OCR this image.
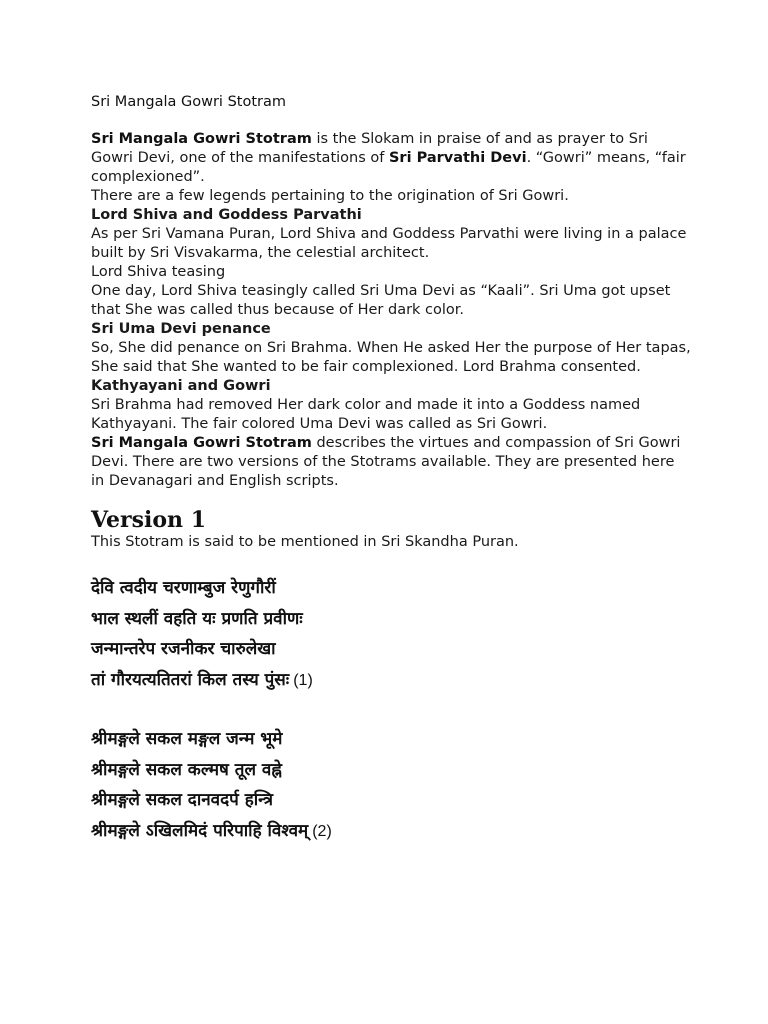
Sri Mangala Gowri Stotram

Sri Mangala Gowri Stotram is the Slokam in praise of and as prayer to Sri Gowri Devi, one of the manifestations of Sri Parvathi Devi. “Gowri” means, “fair complexioned”.

There are a few legends pertaining to the origination of Sri Gowri.

Lord Shiva and Goddess Parvathi

As per Sri Vamana Puran, Lord Shiva and Goddess Parvathi were living in a palace built by Sri Visvakarma, the celestial architect.

Lord Shiva teasing

One day, Lord Shiva teasingly called Sri Uma Devi as “Kaali”. Sri Uma got upset that She was called thus because of Her dark color.

Sri Uma Devi penance

So, She did penance on Sri Brahma. When He asked Her the purpose of Her tapas, She said that She wanted to be fair complexioned. Lord Brahma consented.

Kathyayani and Gowri

Sri Brahma had removed Her dark color and made it into a Goddess named Kathyayani. The fair colored Uma Devi was called as Sri Gowri.

Sri Mangala Gowri Stotram describes the virtues and compassion of Sri Gowri Devi. There are two versions of the Stotrams available. They are presented here in Devanagari and English scripts.

Version 1

This Stotram is said to be mentioned in Sri Skandha Puran.

देवि त्वदीय चरणाम्बुज रेणुगौरीं
भाल स्थलीं वहति यः प्रणति प्रवीणः
जन्मान्तरेप रजनीकर चारुलेखा
तां गौरयत्यतितरां किल तस्य पुंसः (1)
श्रीमङ्गले सकल मङ्गल जन्म भूमे
श्रीमङ्गले सकल कल्मष तूल वह्ने
श्रीमङ्गले सकल दानवदर्प हन्त्रि
श्रीमङ्गले ऽखिलमिदं परिपाहि विश्वम् (2)
